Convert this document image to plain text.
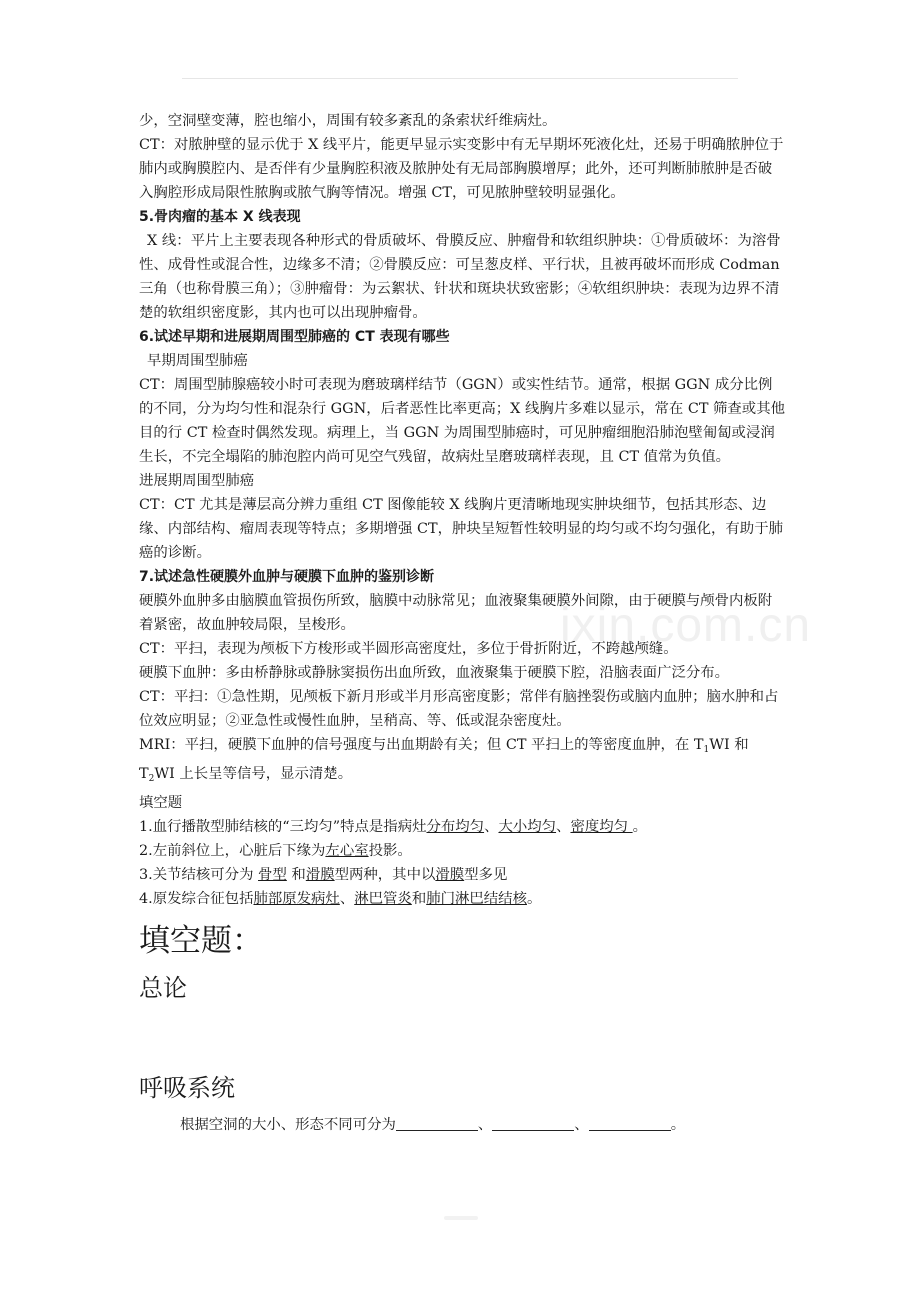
ixin.com.cn

少，空洞壁变薄，腔也缩小，周围有较多紊乱的条索状纤维病灶。

CT：对脓肿壁的显示优于 X 线平片，能更早显示实变影中有无早期坏死液化灶，还易于明确脓肿位于肺内或胸膜腔内、是否伴有少量胸腔积液及脓肿处有无局部胸膜增厚；此外，还可判断肺脓肿是否破入胸腔形成局限性脓胸或脓气胸等情况。增强 CT，可见脓肿壁较明显强化。

5.骨肉瘤的基本 X 线表现

X 线：平片上主要表现各种形式的骨质破坏、骨膜反应、肿瘤骨和软组织肿块：①骨质破坏：为溶骨性、成骨性或混合性，边缘多不清；②骨膜反应：可呈葱皮样、平行状，且被再破坏而形成 Codman 三角（也称骨膜三角）；③肿瘤骨：为云絮状、针状和斑块状致密影；④软组织肿块：表现为边界不清楚的软组织密度影，其内也可以出现肿瘤骨。

6.试述早期和进展期周围型肺癌的 CT 表现有哪些

早期周围型肺癌

CT：周围型肺腺癌较小时可表现为磨玻璃样结节（GGN）或实性结节。通常，根据 GGN 成分比例的不同，分为均匀性和混杂行 GGN，后者恶性比率更高；X 线胸片多难以显示，常在 CT 筛查或其他目的行 CT 检查时偶然发现。病理上，当 GGN 为周围型肺癌时，可见肿瘤细胞沿肺泡壁匍匐或浸润生长，不完全塌陷的肺泡腔内尚可见空气残留，故病灶呈磨玻璃样表现，且 CT 值常为负值。

进展期周围型肺癌

CT：CT 尤其是薄层高分辨力重组 CT 图像能较 X 线胸片更清晰地现实肿块细节，包括其形态、边缘、内部结构、瘤周表现等特点；多期增强 CT，肿块呈短暂性较明显的均匀或不均匀强化，有助于肺癌的诊断。

7.试述急性硬膜外血肿与硬膜下血肿的鉴别诊断

硬膜外血肿多由脑膜血管损伤所致，脑膜中动脉常见；血液聚集硬膜外间隙，由于硬膜与颅骨内板附着紧密，故血肿较局限，呈梭形。

CT：平扫，表现为颅板下方梭形或半圆形高密度灶，多位于骨折附近，不跨越颅缝。

硬膜下血肿：多由桥静脉或静脉窦损伤出血所致，血液聚集于硬膜下腔，沿脑表面广泛分布。

CT：平扫：①急性期，见颅板下新月形或半月形高密度影；常伴有脑挫裂伤或脑内血肿；脑水肿和占位效应明显；②亚急性或慢性血肿，呈稍高、等、低或混杂密度灶。

MRI：平扫，硬膜下血肿的信号强度与出血期龄有关；但 CT 平扫上的等密度血肿，在 $T_1WI$ 和 $T_2WI$ 上长呈等信号，显示清楚。

填空题

1.血行播散型肺结核的“三均匀”特点是指病灶分布均匀、大小均匀、密度均匀 。

2.左前斜位上，心脏后下缘为左心室投影。

3.关节结核可分为 骨型 和滑膜型两种，其中以滑膜型多见

4.原发综合征包括肺部原发病灶、淋巴管炎和肺门淋巴结结核。

填空题：
总论
呼吸系统
根据空洞的大小、形态不同可分为	、	、	。
